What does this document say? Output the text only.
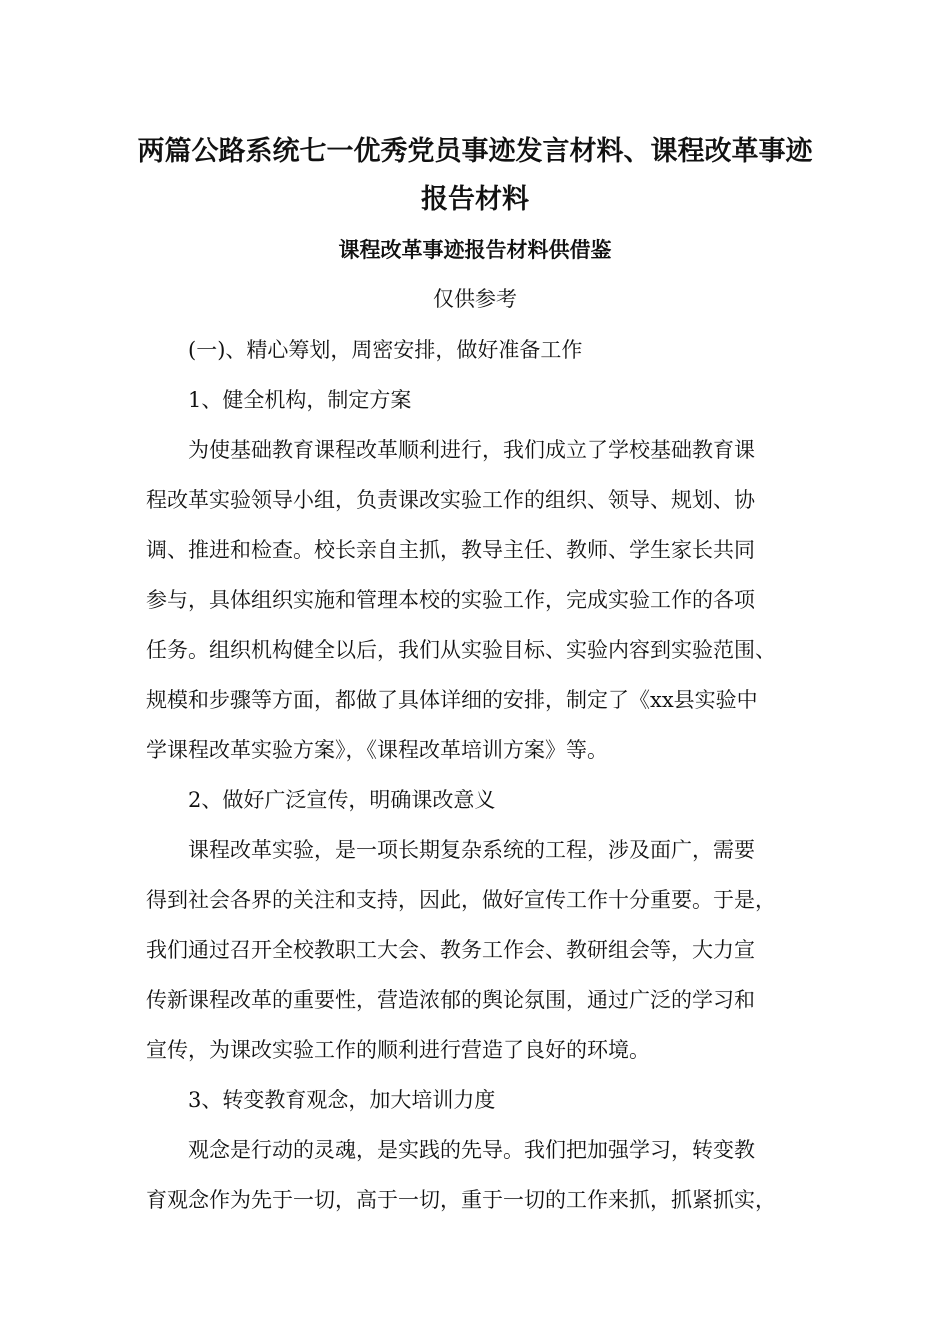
两篇公路系统七一优秀党员事迹发言材料、课程改革事迹
报告材料
课程改革事迹报告材料供借鉴
仅供参考
(一)、精心筹划，周密安排，做好准备工作
1、健全机构，制定方案
为使基础教育课程改革顺利进行，我们成立了学校基础教育课
程改革实验领导小组，负责课改实验工作的组织、领导、规划、协
调、推进和检查。校长亲自主抓，教导主任、教师、学生家长共同
参与，具体组织实施和管理本校的实验工作，完成实验工作的各项
任务。组织机构健全以后，我们从实验目标、实验内容到实验范围、
规模和步骤等方面，都做了具体详细的安排，制定了《xx县实验中
学课程改革实验方案》，《课程改革培训方案》等。
2、做好广泛宣传，明确课改意义
课程改革实验，是一项长期复杂系统的工程，涉及面广，需要
得到社会各界的关注和支持，因此，做好宣传工作十分重要。于是，
我们通过召开全校教职工大会、教务工作会、教研组会等，大力宣
传新课程改革的重要性，营造浓郁的舆论氛围，通过广泛的学习和
宣传，为课改实验工作的顺利进行营造了良好的环境。
3、转变教育观念，加大培训力度
观念是行动的灵魂，是实践的先导。我们把加强学习，转变教
育观念作为先于一切，高于一切，重于一切的工作来抓，抓紧抓实，
